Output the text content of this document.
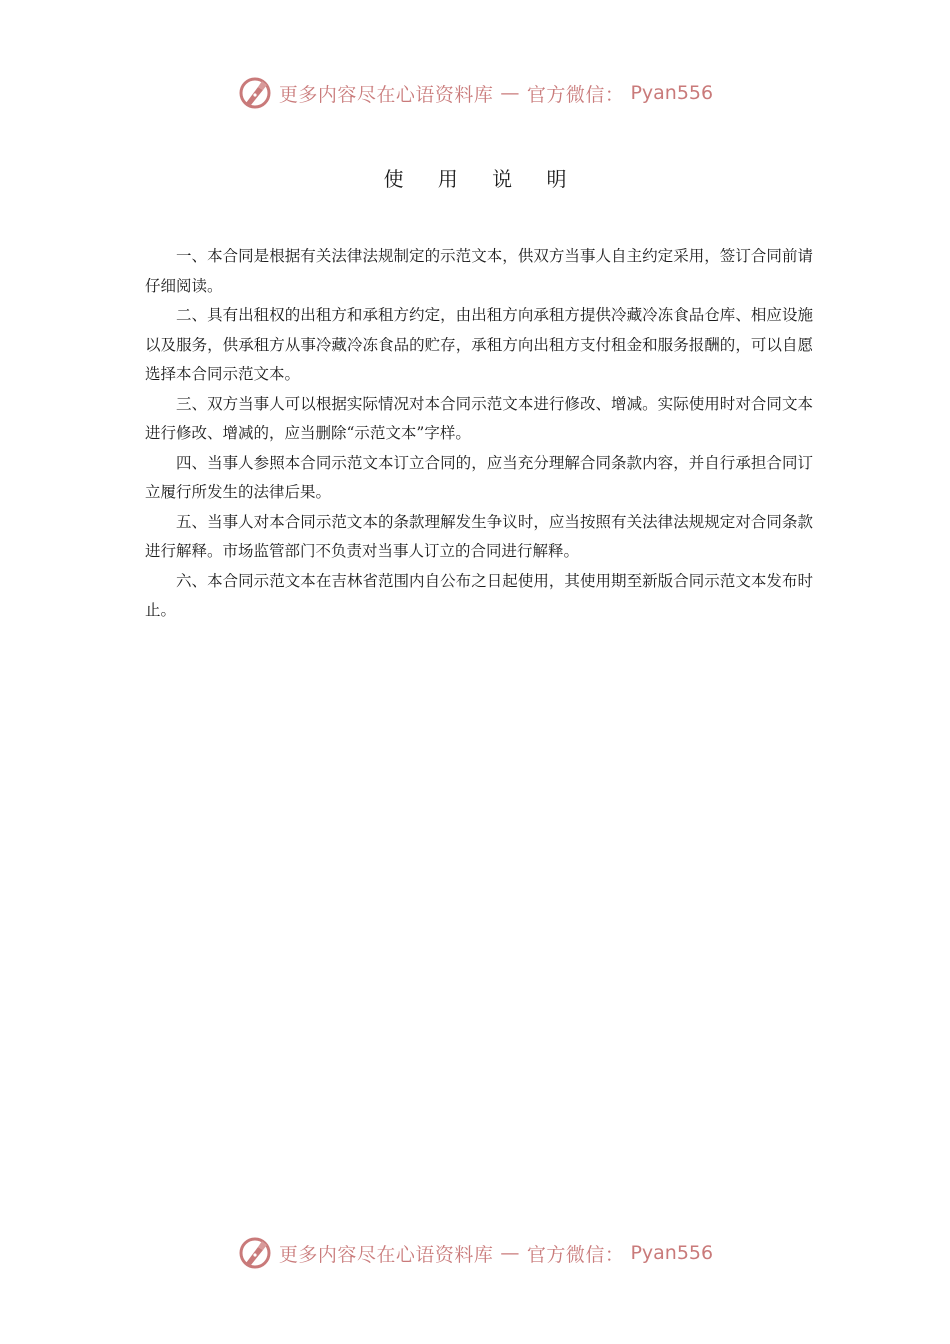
更多内容尽在心语资料库 — 官方微信： Pyan556
使 用 说 明

一、本合同是根据有关法律法规制定的示范文本，供双方当事人自主约定采用，签订合同前请仔细阅读。

二、具有出租权的出租方和承租方约定，由出租方向承租方提供冷藏冷冻食品仓库、相应设施以及服务，供承租方从事冷藏冷冻食品的贮存，承租方向出租方支付租金和服务报酬的，可以自愿选择本合同示范文本。

三、双方当事人可以根据实际情况对本合同示范文本进行修改、增减。实际使用时对合同文本进行修改、增减的，应当删除“示范文本”字样。

四、当事人参照本合同示范文本订立合同的，应当充分理解合同条款内容，并自行承担合同订立履行所发生的法律后果。

五、当事人对本合同示范文本的条款理解发生争议时，应当按照有关法律法规规定对合同条款进行解释。市场监管部门不负责对当事人订立的合同进行解释。

六、本合同示范文本在吉林省范围内自公布之日起使用，其使用期至新版合同示范文本发布时止。

更多内容尽在心语资料库 — 官方微信： Pyan556
